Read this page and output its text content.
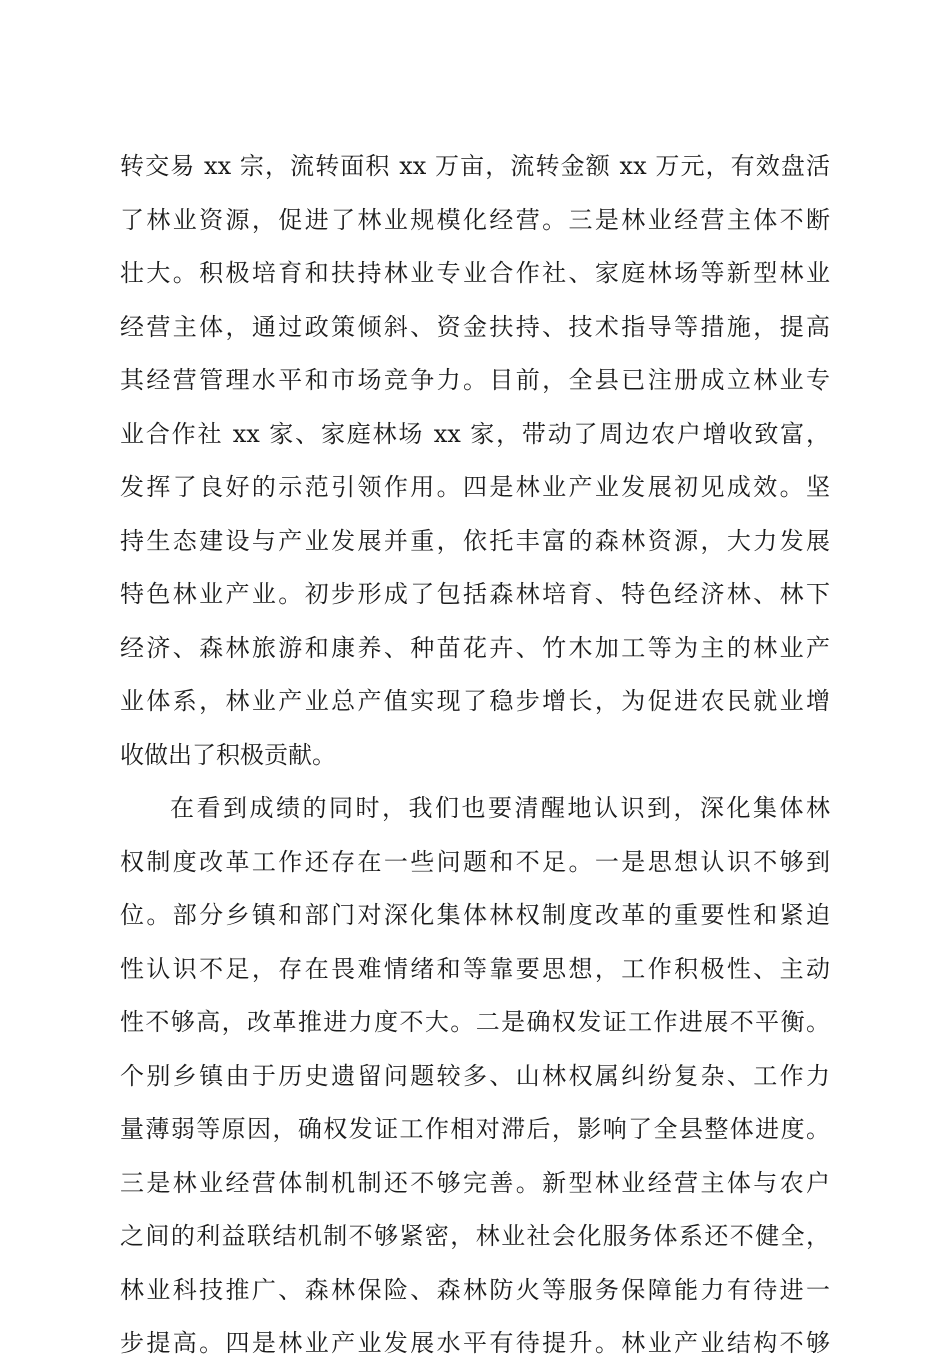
转交易 xx 宗，流转面积 xx 万亩，流转金额 xx 万元，有效盘活
了林业资源，促进了林业规模化经营。三是林业经营主体不断
壮大。积极培育和扶持林业专业合作社、家庭林场等新型林业
经营主体，通过政策倾斜、资金扶持、技术指导等措施，提高
其经营管理水平和市场竞争力。目前，全县已注册成立林业专
业合作社 xx 家、家庭林场 xx 家，带动了周边农户增收致富，
发挥了良好的示范引领作用。四是林业产业发展初见成效。坚
持生态建设与产业发展并重，依托丰富的森林资源，大力发展
特色林业产业。初步形成了包括森林培育、特色经济林、林下
经济、森林旅游和康养、种苗花卉、竹木加工等为主的林业产
业体系，林业产业总产值实现了稳步增长，为促进农民就业增
收做出了积极贡献。
在看到成绩的同时，我们也要清醒地认识到，深化集体林
权制度改革工作还存在一些问题和不足。一是思想认识不够到
位。部分乡镇和部门对深化集体林权制度改革的重要性和紧迫
性认识不足，存在畏难情绪和等靠要思想，工作积极性、主动
性不够高，改革推进力度不大。二是确权发证工作进展不平衡。
个别乡镇由于历史遗留问题较多、山林权属纠纷复杂、工作力
量薄弱等原因，确权发证工作相对滞后，影响了全县整体进度。
三是林业经营体制机制还不够完善。新型林业经营主体与农户
之间的利益联结机制不够紧密，林业社会化服务体系还不健全，
林业科技推广、森林保险、森林防火等服务保障能力有待进一
步提高。四是林业产业发展水平有待提升。林业产业结构不够
